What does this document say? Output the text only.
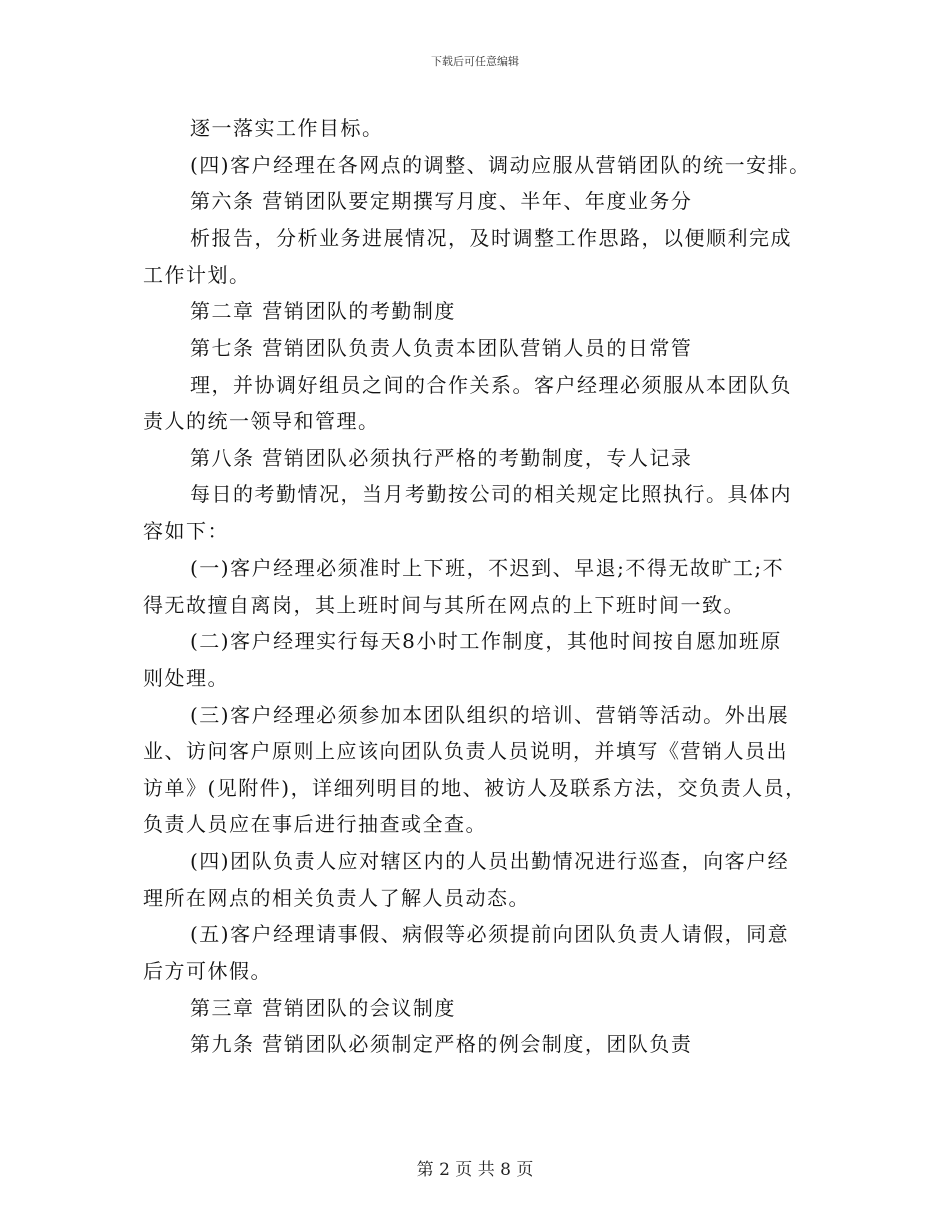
下载后可任意编辑
逐一落实工作目标。
(四)客户经理在各网点的调整、调动应服从营销团队的统一安排。
第六条 营销团队要定期撰写月度、半年、年度业务分
析报告，分析业务进展情况，及时调整工作思路，以便顺利完成
工作计划。
第二章 营销团队的考勤制度
第七条 营销团队负责人负责本团队营销人员的日常管
理，并协调好组员之间的合作关系。客户经理必须服从本团队负
责人的统一领导和管理。
第八条 营销团队必须执行严格的考勤制度，专人记录
每日的考勤情况，当月考勤按公司的相关规定比照执行。具体内
容如下：
(一)客户经理必须准时上下班，不迟到、早退;不得无故旷工;不
得无故擅自离岗，其上班时间与其所在网点的上下班时间一致。
(二)客户经理实行每天8小时工作制度，其他时间按自愿加班原
则处理。
(三)客户经理必须参加本团队组织的培训、营销等活动。外出展
业、访问客户原则上应该向团队负责人员说明，并填写《营销人员出
访单》(见附件)，详细列明目的地、被访人及联系方法，交负责人员，
负责人员应在事后进行抽查或全查。
(四)团队负责人应对辖区内的人员出勤情况进行巡查，向客户经
理所在网点的相关负责人了解人员动态。
(五)客户经理请事假、病假等必须提前向团队负责人请假，同意
后方可休假。
第三章 营销团队的会议制度
第九条 营销团队必须制定严格的例会制度，团队负责
第 2 页 共 8 页
